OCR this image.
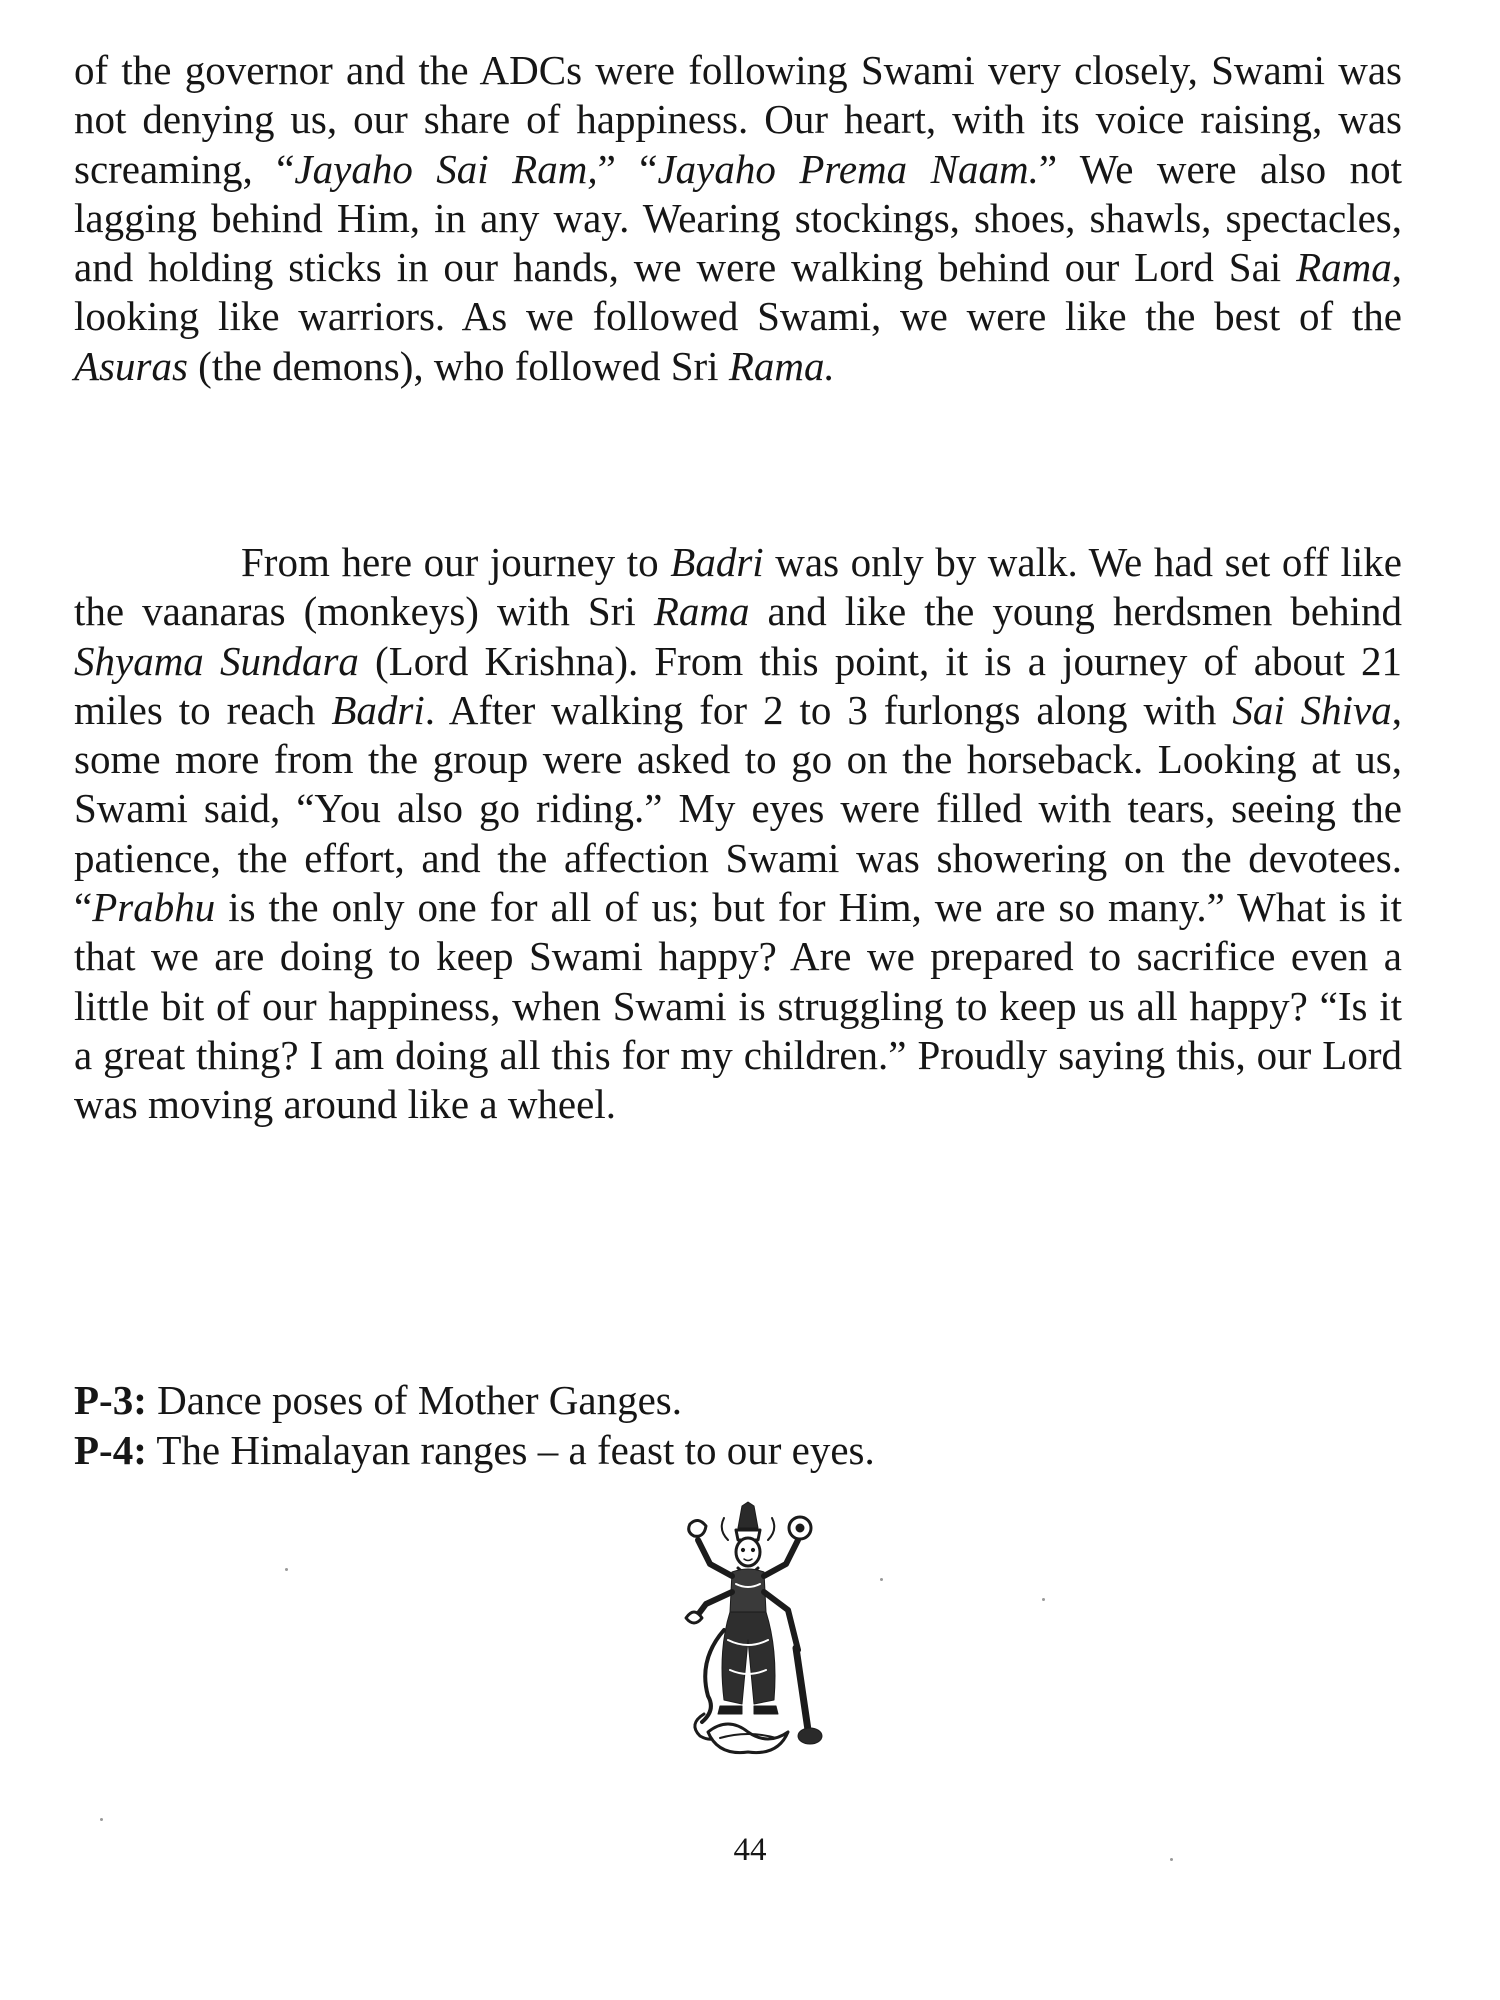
of the governor and the ADCs were following Swami very closely, Swami was not denying us, our share of happiness. Our heart, with its voice raising, was screaming, “Jayaho Sai Ram,” “Jayaho Prema Naam.” We were also not lagging behind Him, in any way. Wearing stockings, shoes, shawls, spectacles, and holding sticks in our hands, we were walking behind our Lord Sai Rama, looking like warriors. As we followed Swami, we were like the best of the Asuras (the demons), who followed Sri Rama.

From here our journey to Badri was only by walk. We had set off like the vaanaras (monkeys) with Sri Rama and like the young herdsmen behind Shyama Sundara (Lord Krishna). From this point, it is a journey of about 21 miles to reach Badri. After walking for 2 to 3 furlongs along with Sai Shiva, some more from the group were asked to go on the horseback. Looking at us, Swami said, “You also go riding.” My eyes were filled with tears, seeing the patience, the effort, and the affection Swami was showering on the devotees. “Prabhu is the only one for all of us; but for Him, we are so many.” What is it that we are doing to keep Swami happy? Are we prepared to sacrifice even a little bit of our happiness, when Swami is struggling to keep us all happy? “Is it a great thing? I am doing all this for my children.” Proudly saying this, our Lord was moving around like a wheel.

P-3: Dance poses of Mother Ganges.

P-4: The Himalayan ranges – a feast to our eyes.

44
